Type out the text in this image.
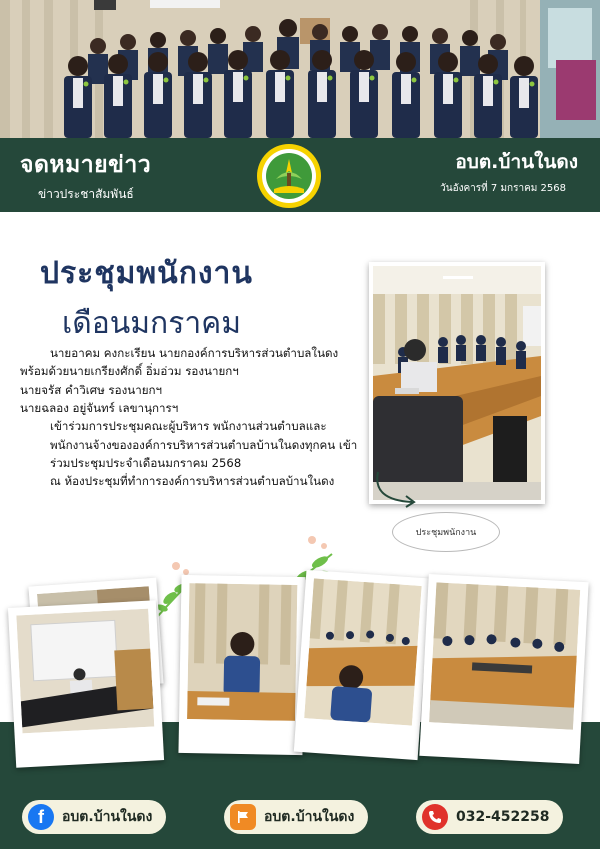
จดหมายข่าว
ข่าวประชาสัมพันธ์
อบต.บ้านในดง
วันอังคารที่ 7 มกราคม 2568
ประชุมพนักงาน
เดือนมกราคม

นายอาคม คงกะเรียน นายกองค์การบริหารส่วนตำบลในดง

พร้อมด้วยนายเกรียงศักดิ์ อิ่มอ่วม รองนายกฯ

นายจรัส คำวิเศษ รองนายกฯ

นายฉลอง อยู่จันทร์ เลขานุการฯ

เข้าร่วมการประชุมคณะผู้บริหาร พนักงานส่วนตำบลและพนักงานจ้างขององค์การบริหารส่วนตำบลบ้านในดงทุกคน เข้าร่วมประชุมประจำเดือนมกราคม 2568

ณ ห้องประชุมที่ทำการองค์การบริหารส่วนตำบลบ้านในดง

ประชุมพนักงาน
f	อบต.บ้านในดง	อบต.บ้านในดง	032-452258
